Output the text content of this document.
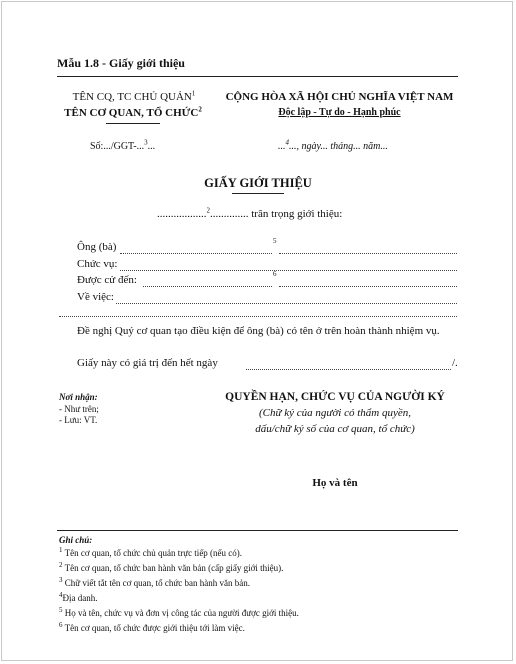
Mẫu 1.8 - Giấy giới thiệu
TÊN CQ, TC CHỦ QUẢN$^1$
TÊN CƠ QUAN, TỔ CHỨC$^2$
CỘNG HÒA XÃ HỘI CHỦ NGHĨA VIỆT NAM
Độc lập - Tự do - Hạnh phúc
Số:.../GGT-...$^3$...	...$^4$..., ngày... tháng... năm...
GIẤY GIỚI THIỆU
..................$^2$.............. trân trọng giới thiệu:
Ông (bà)	5
Chức vụ:
Được cử đến:	6
Về việc:
Đề nghị Quý cơ quan tạo điều kiện để ông (bà) có tên ở trên hoàn thành nhiệm vụ.
Giấy này có giá trị đến hết ngày	/.
Nơi nhận:
- Như trên;
- Lưu: VT.
QUYỀN HẠN, CHỨC VỤ CỦA NGƯỜI KÝ
(Chữ ký của người có thẩm quyền,
dấu/chữ ký số của cơ quan, tổ chức)
Họ và tên
Ghi chú:
$^1$ Tên cơ quan, tổ chức chủ quản trực tiếp (nếu có).
$^2$ Tên cơ quan, tổ chức ban hành văn bản (cấp giấy giới thiệu).
$^3$ Chữ viết tắt tên cơ quan, tổ chức ban hành văn bản.
$^4$Địa danh.
$^5$ Họ và tên, chức vụ và đơn vị công tác của người được giới thiệu.
$^6$ Tên cơ quan, tổ chức được giới thiệu tới làm việc.
